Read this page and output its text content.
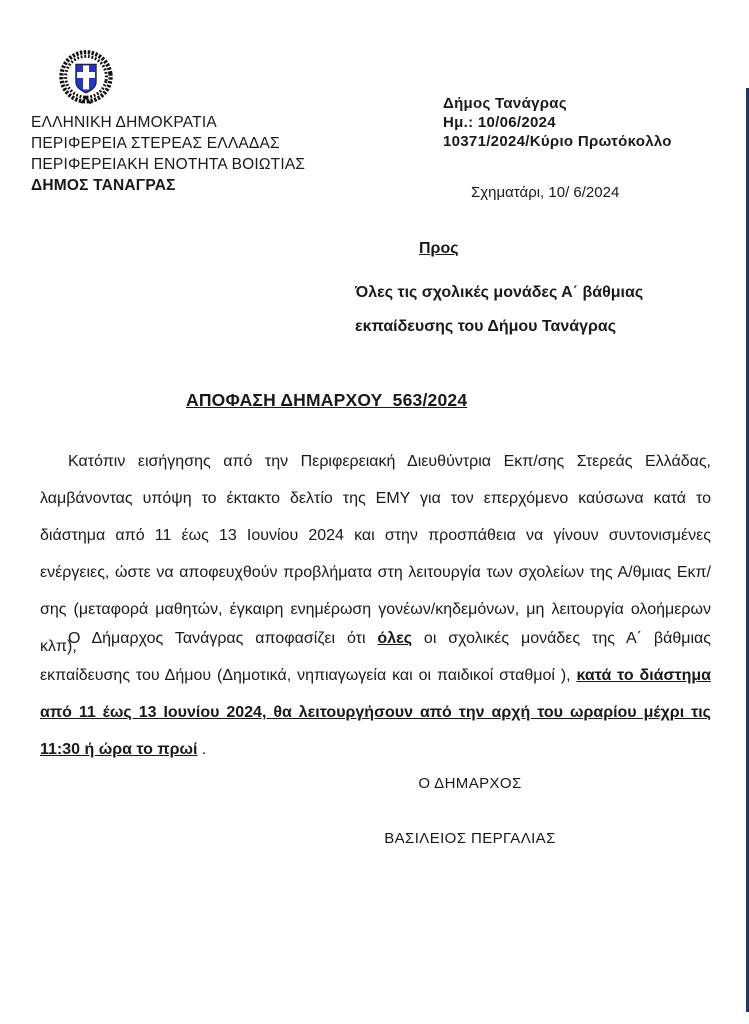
ΕΛΛΗΝΙΚΗ ΔΗΜΟΚΡΑΤΙΑ
ΠΕΡΙΦΕΡΕΙΑ ΣΤΕΡΕΑΣ ΕΛΛΑΔΑΣ
ΠΕΡΙΦΕΡΕΙΑΚΗ ΕΝΟΤΗΤΑ ΒΟΙΩΤΙΑΣ
ΔΗΜΟΣ ΤΑΝΑΓΡΑΣ
Δήμος Τανάγρας
Ημ.: 10/06/2024
10371/2024/Κύριο Πρωτόκολλο
Σχηματάρι, 10/ 6/2024
Προς
Όλες τις σχολικές μονάδες Α΄ βάθμιας
εκπαίδευσης του Δήμου Τανάγρας
ΑΠΟΦΑΣΗ ΔΗΜΑΡΧΟΥ  563/2024
Κατόπιν εισήγησης από την Περιφερειακή Διευθύντρια Εκπ/σης Στερεάς Ελλάδας, λαμβάνοντας υπόψη το έκτακτο δελτίο της ΕΜΥ για τον επερχόμενο καύσωνα κατά το διάστημα από 11 έως 13 Ιουνίου 2024 και στην προσπάθεια να γίνουν συντονισμένες ενέργειες, ώστε να αποφευχθούν προβλήματα στη λειτουργία των σχολείων της Α/θμιας Εκπ/σης (μεταφορά μαθητών, έγκαιρη ενημέρωση γονέων/κηδεμόνων, μη λειτουργία ολοήμερων κλπ),
Ο Δήμαρχος Τανάγρας αποφασίζει ότι όλες οι σχολικές μονάδες της Α΄ βάθμιας εκπαίδευσης του Δήμου (Δημοτικά, νηπιαγωγεία και οι παιδικοί σταθμοί ), κατά το διάστημα από 11 έως 13 Ιουνίου 2024, θα λειτουργήσουν από την αρχή του ωραρίου μέχρι τις 11:30 ή ώρα το πρωί .
Ο ΔΗΜΑΡΧΟΣ
ΒΑΣΙΛΕΙΟΣ ΠΕΡΓΑΛΙΑΣ
